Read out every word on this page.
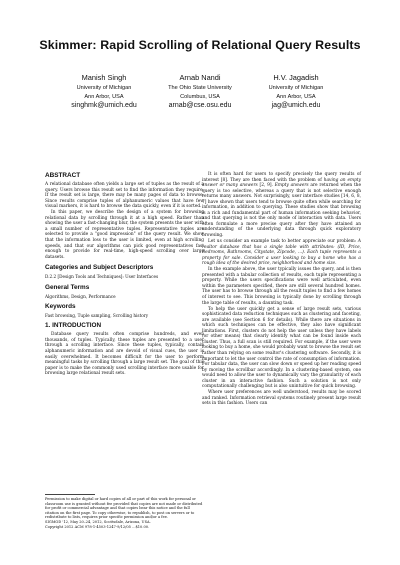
Skimmer: Rapid Scrolling of Relational Query Results
Manish Singh
University of Michigan
Ann Arbor, USA
singhmk@umich.edu
Arnab Nandi
The Ohio State University
Columbus, USA
arnab@cse.osu.edu
H.V. Jagadish
University of Michigan
Ann Arbor, USA
jag@umich.edu
ABSTRACT

A relational database often yields a large set of tuples as the result of a query. Users browse this result set to find the information they require. If the result set is large, there may be many pages of data to browse. Since results comprise tuples of alphanumeric values that have few visual markers, it is hard to browse the data quickly, even if it is sorted.

In this paper, we describe the design of a system for browsing relational data by scrolling through it at a high speed. Rather than showing the user a fast-changing blur, the system presents the user with a small number of representative tuples. Representative tuples are selected to provide a "good impression" of the query result. We show that the information loss to the user is limited, even at high scrolling speeds, and that our algorithms can pick good representatives fast enough to provide for real-time, high-speed scrolling over large datasets.

Categories and Subject Descriptors

D.2.2 [Design Tools and Techniques]: User Interfaces

General Terms

Algorithms, Design, Performance

Keywords

Fast browsing, Tuple sampling, Scrolling history

1. INTRODUCTION

Database query results often comprise hundreds, and even thousands, of tuples. Typically, these tuples are presented to a user through a scrolling interface. Since these tuples, typically, contain alphanumeric information and are devoid of visual cues, the user is easily overwhelmed. It becomes difficult for the user to perform meaningful tasks by scrolling through a large result set. The goal of this paper is to make the commonly used scrolling interface more usable for browsing large relational result sets.

Permission to make digital or hard copies of all or part of this work for personal or classroom use is granted without fee provided that copies are not made or distributed for profit or commercial advantage and that copies bear this notice and the full citation on the first page. To copy otherwise, to republish, to post on servers or to redistribute to lists, requires prior specific permission and/or a fee.
SIGMOD '12, May 20–24, 2012, Scottsdale, Arizona, USA.
Copyright 2012 ACM 978-1-4503-1247-9/12/05 ...$10.00.

It is often hard for users to specify precisely the query results of interest [8]. They are then faced with the problem of having an empty answer or many answers [2, 9]. Empty answers are returned when the query is too selective, whereas a query that is not selective enough returns many answers. Not surprisingly, user interface studies [14, 6, 8, 7] have shown that users tend to browse quite often while searching for information, in addition to querying. These studies show that browsing is a rich and fundamental part of human information seeking behavior, and that querying is not the only mode of interaction with data. Users often formulate a more precise query after they have attained an understanding of the underlying data through quick exploratory browsing.

Let us consider an example task to better appreciate our problem: A realtor database that has a single table with attributes: (ID, Price, Bedrooms, Bathrooms, Citystate, Zipcode, ...). Each tuple represents a property for sale. Consider a user looking to buy a home who has a rough idea of the desired price, neighborhood and home size.

In the example above, the user typically issues the query, and is then presented with a tabular collection of results, each tuple representing a property. While the users specifications were well articulated, even within the parameters specified, there are still several hundred homes. The user has to browse through all the result tuples to find a few homes of interest to see. This browsing is typically done by scrolling through the large table of results, a daunting task.

To help the user quickly get a sense of large result sets, various sophisticated data reduction techniques such as clustering and faceting, are available (see Section 6 for details). While there are situations in which such techniques can be effective, they also have significant limitations. First, clusters do not help the user unless they have labels (or other means) that clearly identify what can be found inside each cluster. Thus, a full scan is still required. For example, if the user were looking to buy a home, she would probably want to browse the result set rather than relying on some realtor's clustering software. Secondly, it is important to let the user control the rate of consumption of information. For tabular data, the user can slow down or speed up her reading speed by moving the scrollbar accordingly. In a clustering-based system, one would need to allow the user to dynamically vary the granularity of each cluster in an interactive fashion. Such a solution is not only computationally challenging but is also unintuitive for quick browsing.

Where user preferences are well understood, results may be scored and ranked. Information retrieval systems routinely present large result sets in this fashion. Users can
